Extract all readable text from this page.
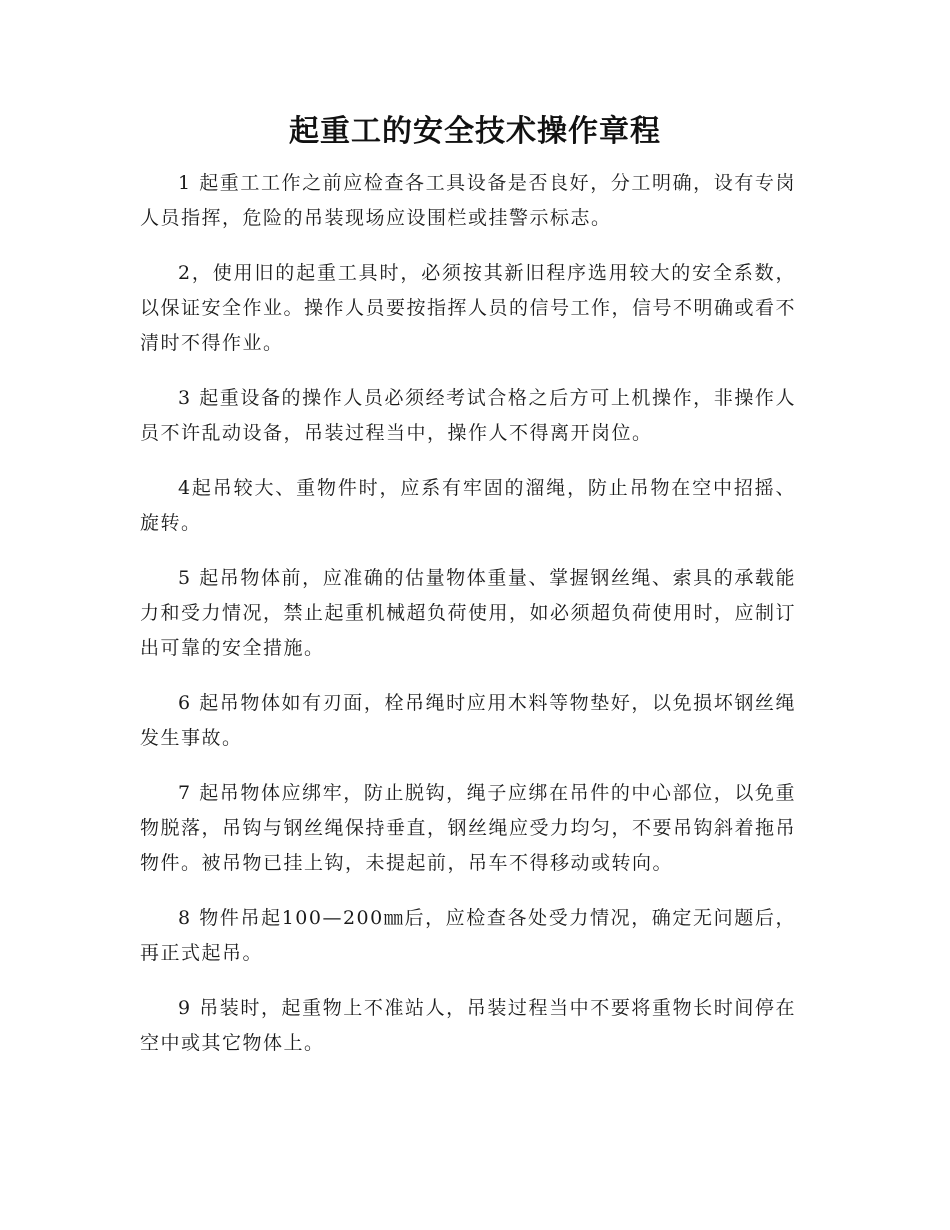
起重工的安全技术操作章程

1 起重工工作之前应检查各工具设备是否良好，分工明确，设有专岗人员指挥，危险的吊装现场应设围栏或挂警示标志。

2，使用旧的起重工具时，必须按其新旧程序选用较大的安全系数，以保证安全作业。操作人员要按指挥人员的信号工作，信号不明确或看不清时不得作业。

3 起重设备的操作人员必须经考试合格之后方可上机操作，非操作人员不许乱动设备，吊装过程当中，操作人不得离开岗位。

4起吊较大、重物件时，应系有牢固的溜绳，防止吊物在空中招摇、旋转。

5 起吊物体前，应准确的估量物体重量、掌握钢丝绳、索具的承载能力和受力情况，禁止起重机械超负荷使用，如必须超负荷使用时，应制订出可靠的安全措施。

6 起吊物体如有刃面，栓吊绳时应用木料等物垫好，以免损坏钢丝绳发生事故。

7 起吊物体应绑牢，防止脱钩，绳子应绑在吊件的中心部位，以免重物脱落，吊钩与钢丝绳保持垂直，钢丝绳应受力均匀，不要吊钩斜着拖吊物件。被吊物已挂上钩，未提起前，吊车不得移动或转向。

8 物件吊起100—200㎜后，应检查各处受力情况，确定无问题后，再正式起吊。

9 吊装时，起重物上不准站人，吊装过程当中不要将重物长时间停在空中或其它物体上。
